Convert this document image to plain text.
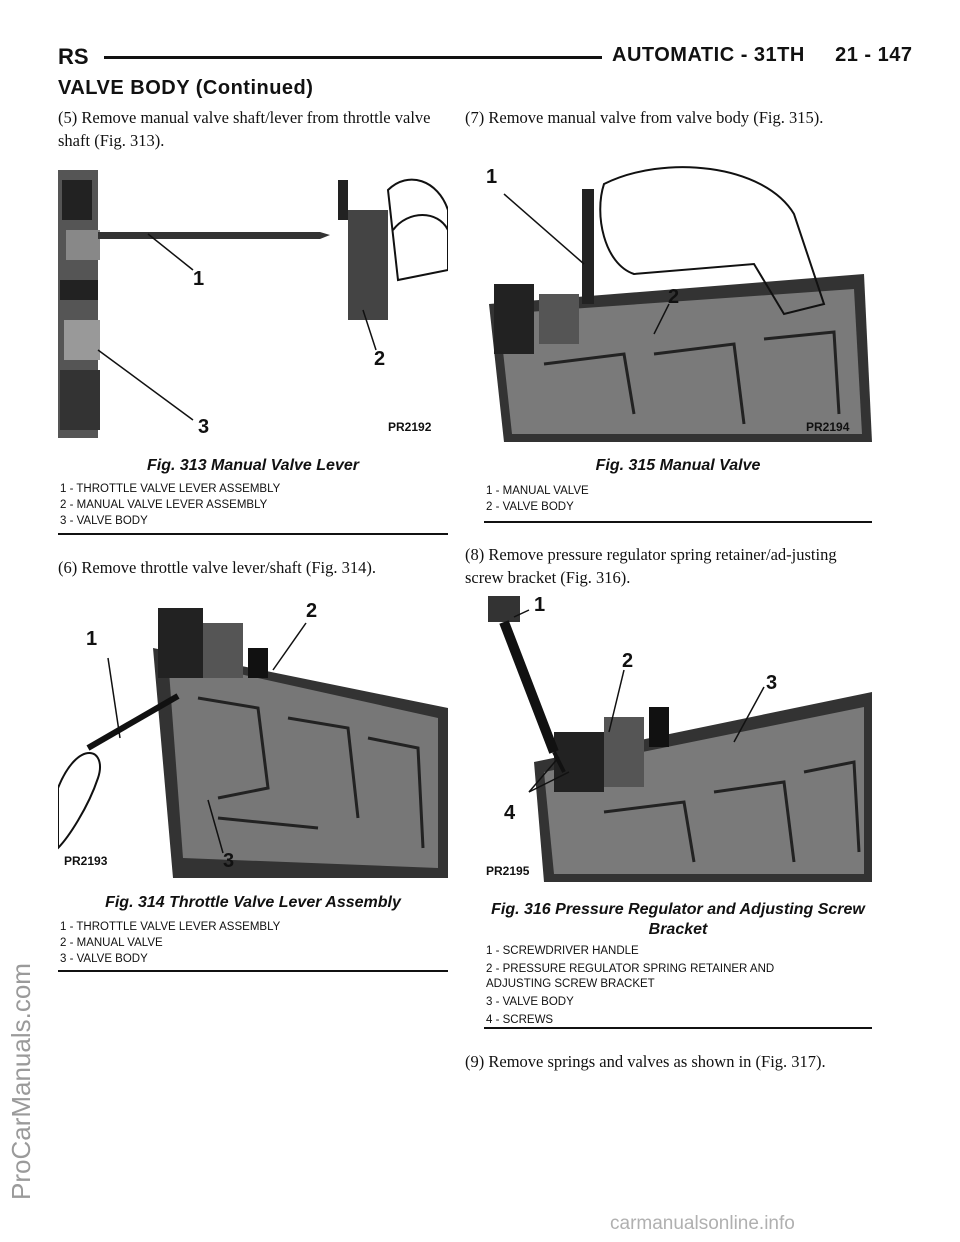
RS	AUTOMATIC - 31TH     21 - 147
VALVE BODY (Continued)
(5) Remove manual valve shaft/lever from throttle valve shaft (Fig. 313).
1
2
3	PR2192
Fig. 313 Manual Valve Lever
1 - THROTTLE VALVE LEVER ASSEMBLY
2 - MANUAL VALVE LEVER ASSEMBLY
3 - VALVE BODY
(6) Remove throttle valve lever/shaft (Fig. 314).
1
2
3
PR2193
Fig. 314 Throttle Valve Lever Assembly
1 - THROTTLE VALVE LEVER ASSEMBLY
2 - MANUAL VALVE
3 - VALVE BODY
(7) Remove manual valve from valve body (Fig. 315).
1
2
PR2194
Fig. 315 Manual Valve
1 - MANUAL VALVE
2 - VALVE BODY
(8) Remove pressure regulator spring retainer/ad-justing screw bracket (Fig. 316).
1
2
3
4
PR2195
Fig. 316 Pressure Regulator and Adjusting Screw
Bracket
1 - SCREWDRIVER HANDLE
2 - PRESSURE REGULATOR SPRING RETAINER AND
ADJUSTING SCREW BRACKET
3 - VALVE BODY
4 - SCREWS
(9) Remove springs and valves as shown in (Fig. 317).
ProCarManuals.com
carmanualsonline.info
